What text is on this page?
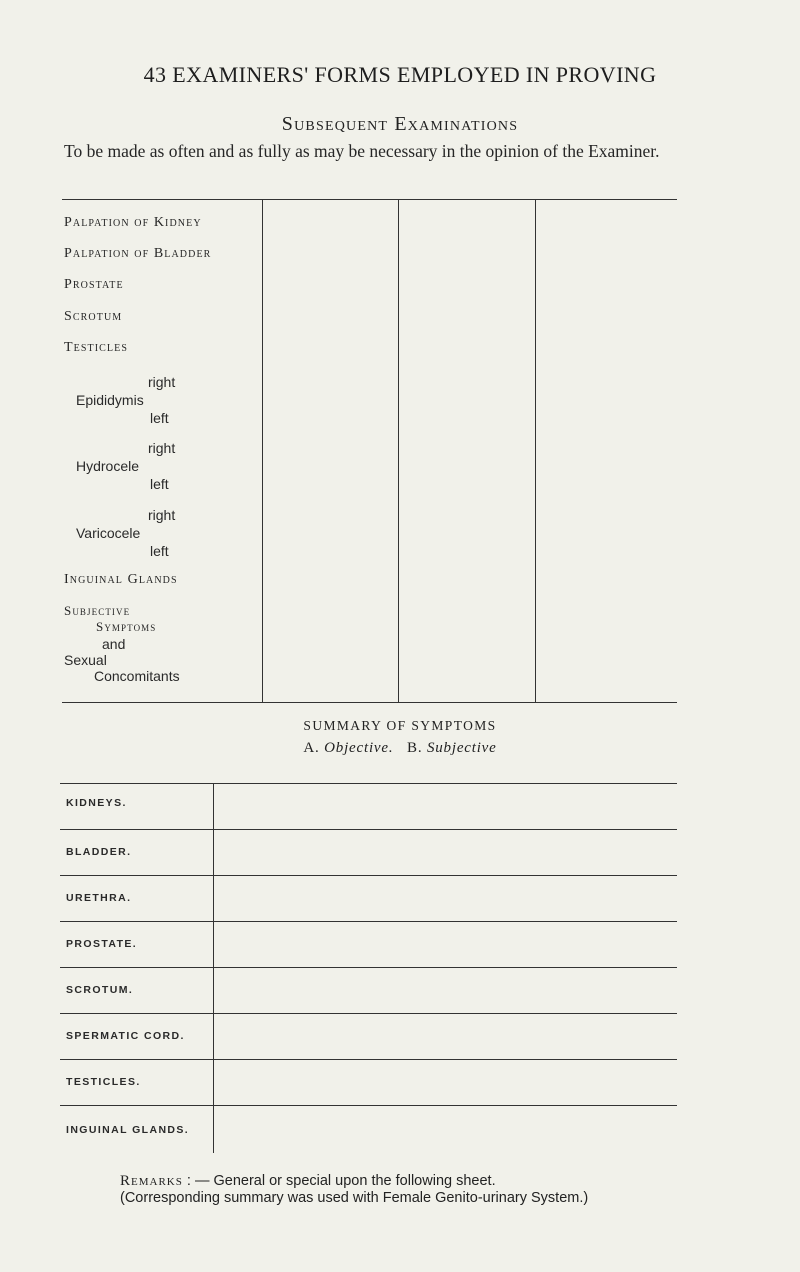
43 EXAMINERS' FORMS EMPLOYED IN PROVING
Subsequent Examinations
To be made as often and as fully as may be necessary in the opinion of the Examiner.
Palpation of Kidney
Palpation of Bladder
Prostate
Scrotum
Testicles
right
Epididymis
left
right
Hydrocele
left
right
Varicocele
left
Inguinal Glands
Subjective
Symptoms
and
Sexual
Concomitants
SUMMARY OF SYMPTOMS
A. Objective. B. Subjective
KIDNEYS.
BLADDER.
URETHRA.
PROSTATE.
SCROTUM.
SPERMATIC CORD.
TESTICLES.
INGUINAL GLANDS.
Remarks : — General or special upon the following sheet.
(Corresponding summary was used with Female Genito-urinary System.)
